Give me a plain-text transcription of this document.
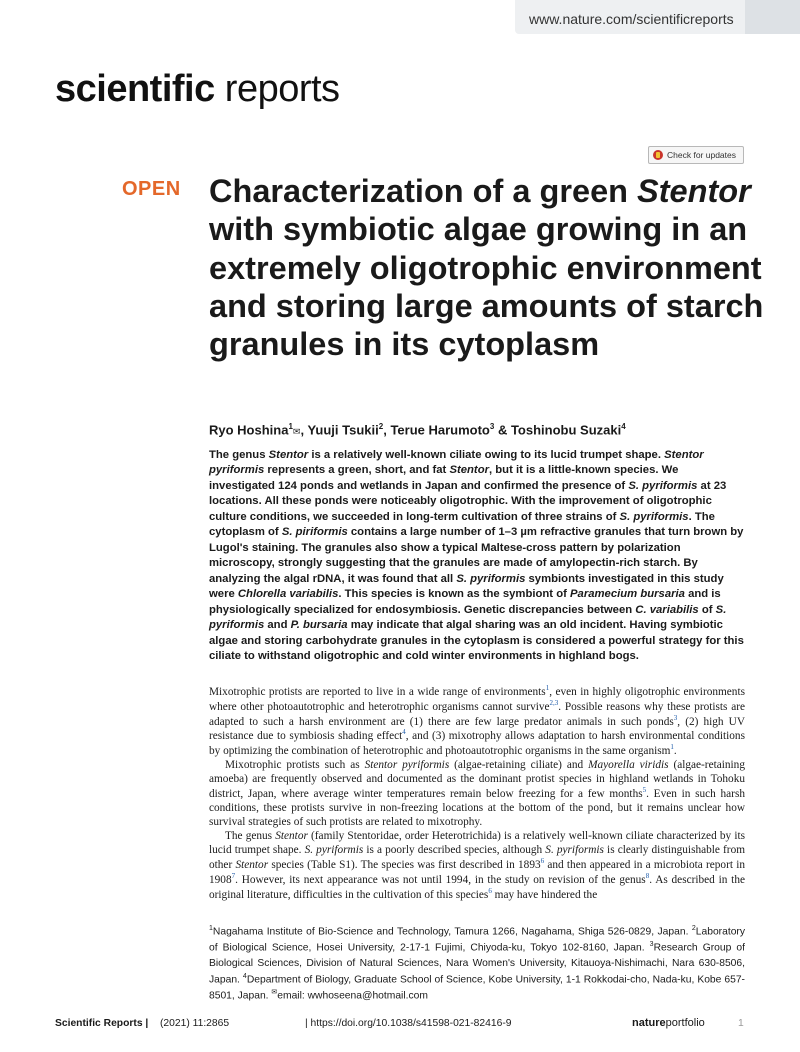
www.nature.com/scientificreports
scientific reports
Check for updates
OPEN Characterization of a green Stentor with symbiotic algae growing in an extremely oligotrophic environment and storing large amounts of starch granules in its cytoplasm
Ryo Hoshina$^1$✉, Yuuji Tsukii$^2$, Terue Harumoto$^3$ & Toshinobu Suzaki$^4$

The genus Stentor is a relatively well-known ciliate owing to its lucid trumpet shape. Stentor pyriformis represents a green, short, and fat Stentor, but it is a little-known species. We investigated 124 ponds and wetlands in Japan and confirmed the presence of S. pyriformis at 23 locations. All these ponds were noticeably oligotrophic. With the improvement of oligotrophic culture conditions, we succeeded in long-term cultivation of three strains of S. pyriformis. The cytoplasm of S. piriformis contains a large number of 1–3 µm refractive granules that turn brown by Lugol's staining. The granules also show a typical Maltese-cross pattern by polarization microscopy, strongly suggesting that the granules are made of amylopectin-rich starch. By analyzing the algal rDNA, it was found that all S. pyriformis symbionts investigated in this study were Chlorella variabilis. This species is known as the symbiont of Paramecium bursaria and is physiologically specialized for endosymbiosis. Genetic discrepancies between C. variabilis of S. pyriformis and P. bursaria may indicate that algal sharing was an old incident. Having symbiotic algae and storing carbohydrate granules in the cytoplasm is considered a powerful strategy for this ciliate to withstand oligotrophic and cold winter environments in highland bogs.

Mixotrophic protists are reported to live in a wide range of environments$^1$, even in highly oligotrophic environments where other photoautotrophic and heterotrophic organisms cannot survive$^{2,3}$. Possible reasons why these protists are adapted to such a harsh environment are (1) there are few large predator animals in such ponds$^3$, (2) high UV resistance due to symbiosis shading effect$^4$, and (3) mixotrophy allows adaptation to harsh environmental conditions by optimizing the combination of heterotrophic and photoautotrophic organisms in the same organism$^1$.

Mixotrophic protists such as Stentor pyriformis (algae-retaining ciliate) and Mayorella viridis (algae-retaining amoeba) are frequently observed and documented as the dominant protist species in highland wetlands in Tohoku district, Japan, where average winter temperatures remain below freezing for a few months$^5$. Even in such harsh conditions, these protists survive in non-freezing locations at the bottom of the pond, but it remains unclear how survival strategies of such protists are related to mixotrophy.

The genus Stentor (family Stentoridae, order Heterotrichida) is a relatively well-known ciliate characterized by its lucid trumpet shape. S. pyriformis is a poorly described species, although S. pyriformis is clearly distinguishable from other Stentor species (Table S1). The species was first described in 1893$^6$ and then appeared in a microbiota report in 1908$^7$. However, its next appearance was not until 1994, in the study on revision of the genus$^8$. As described in the original literature, difficulties in the cultivation of this species$^6$ may have hindered the

$^1$Nagahama Institute of Bio-Science and Technology, Tamura 1266, Nagahama, Shiga 526-0829, Japan. $^2$Laboratory of Biological Science, Hosei University, 2-17-1 Fujimi, Chiyoda-ku, Tokyo 102-8160, Japan. $^3$Research Group of Biological Sciences, Division of Natural Sciences, Nara Women's University, Kitauoya-Nishimachi, Nara 630-8506, Japan. $^4$Department of Biology, Graduate School of Science, Kobe University, 1-1 Rokkodai-cho, Nada-ku, Kobe 657-8501, Japan. ✉email: wwhoseena@hotmail.com

Scientific Reports | (2021) 11:2865	| https://doi.org/10.1038/s41598-021-82416-9	natureportfolio	1
